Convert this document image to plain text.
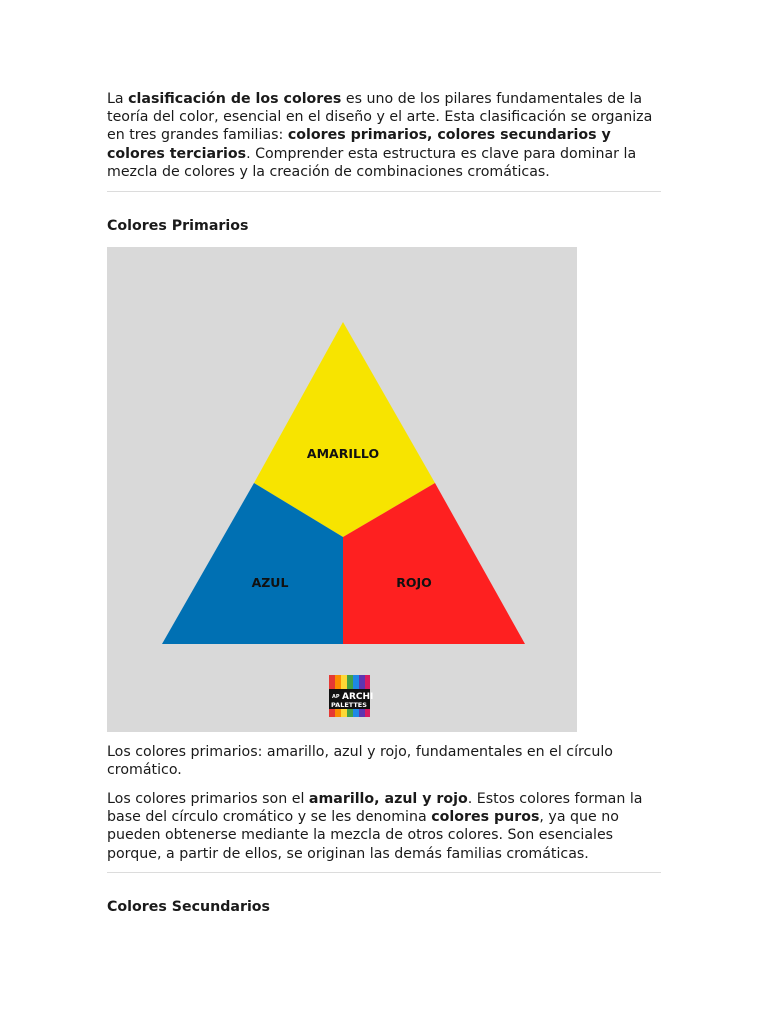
La clasificación de los colores es uno de los pilares fundamentales de la teoría del color, esencial en el diseño y el arte. Esta clasificación se organiza en tres grandes familias: colores primarios, colores secundarios y colores terciarios. Comprender esta estructura es clave para dominar la mezcla de colores y la creación de combinaciones cromáticas.

Colores Primarios
AMARILLO
AZUL	ROJO
AP ARCHI
PALETTES

Los colores primarios: amarillo, azul y rojo, fundamentales en el círculo cromático.

Los colores primarios son el amarillo, azul y rojo. Estos colores forman la base del círculo cromático y se les denomina colores puros, ya que no pueden obtenerse mediante la mezcla de otros colores. Son esenciales porque, a partir de ellos, se originan las demás familias cromáticas.

Colores Secundarios
